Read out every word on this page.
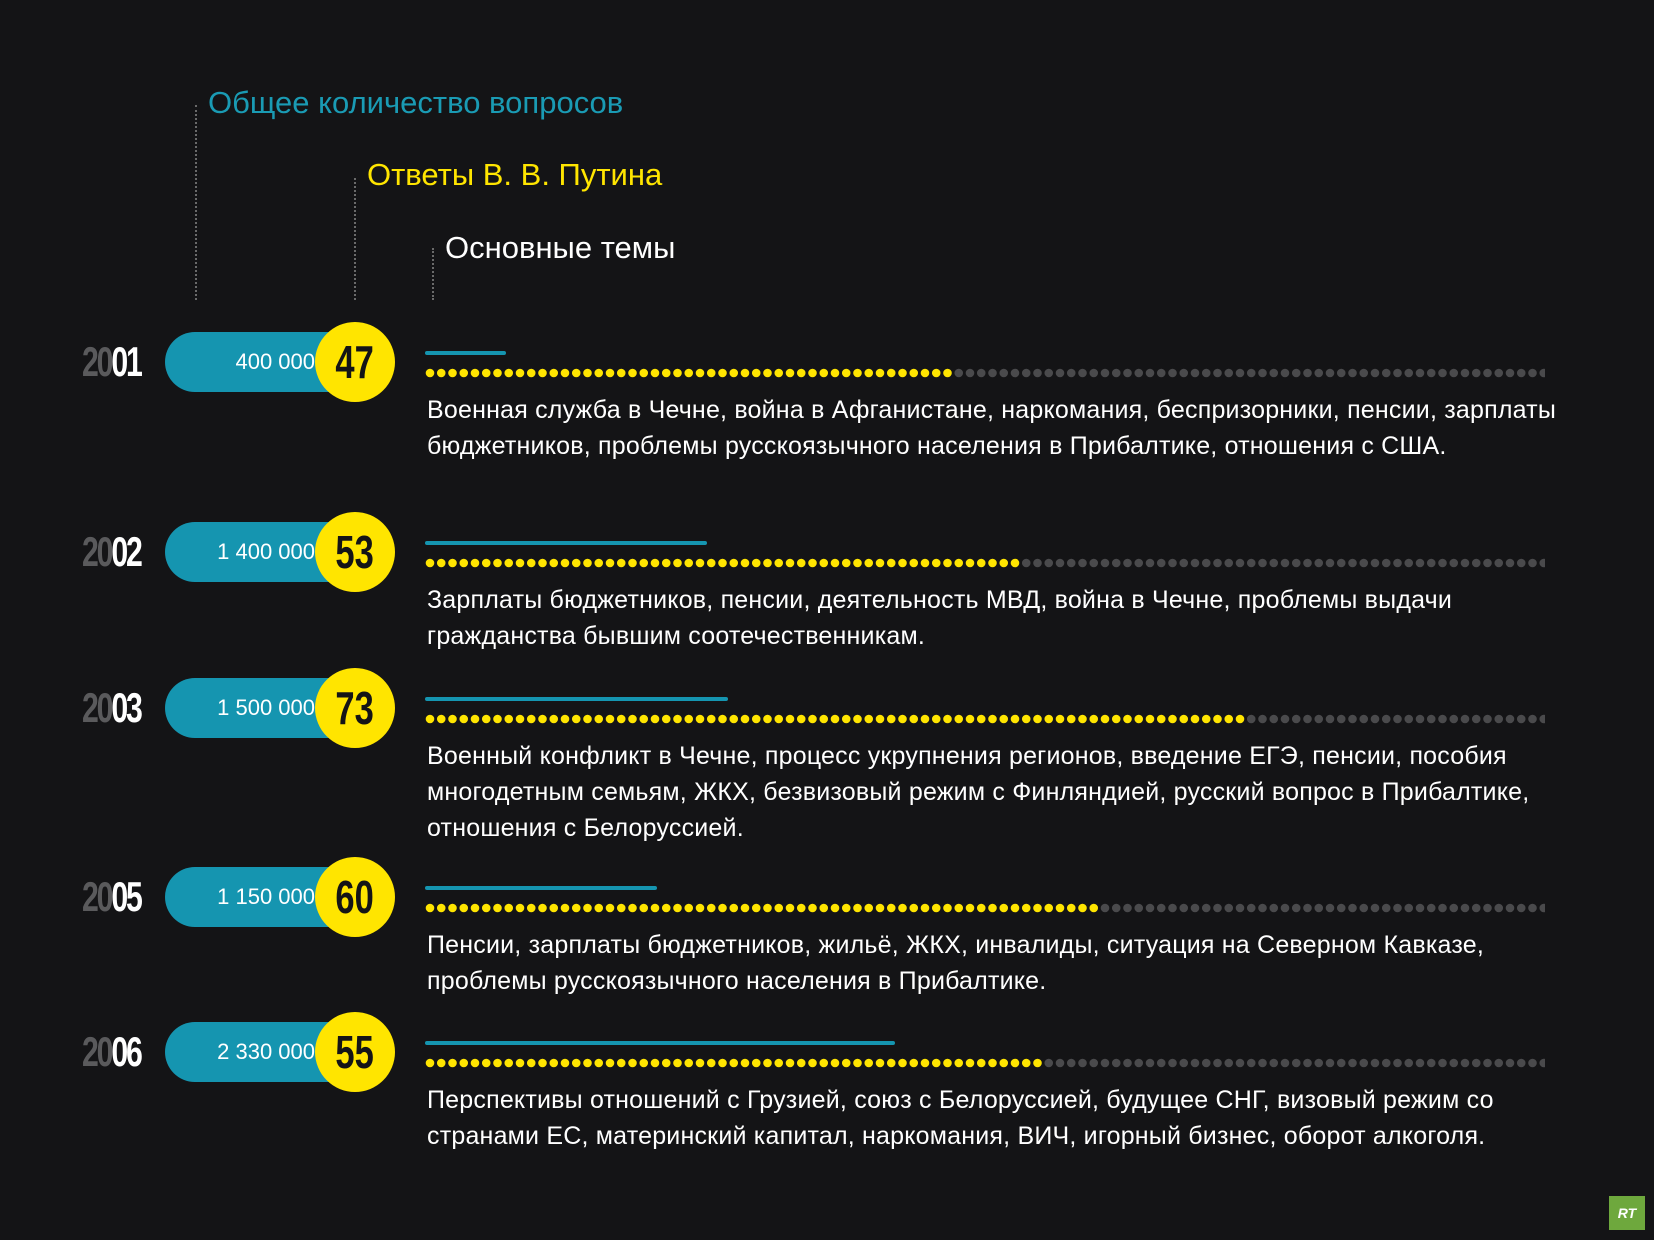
Общее количество вопросов
Ответы В. В. Путина
Основные темы
2001	400 000 47
Военная служба в Чечне, война в Афганистане, наркомания, беспризорники, пенсии, зарплаты бюджетников, проблемы русскоязычного населения в Прибалтике, отношения с США.
2002	1 400 000 53
Зарплаты бюджетников, пенсии, деятельность МВД, война в Чечне, проблемы выдачи гражданства бывшим соотечественникам.
2003	1 500 000 73
Военный конфликт в Чечне, процесс укрупнения регионов, введение ЕГЭ, пенсии, пособия многодетным семьям, ЖКХ, безвизовый режим с Финляндией, русский вопрос в Прибалтике, отношения с Белоруссией.
2005	1 150 000 60
Пенсии, зарплаты бюджетников, жильё, ЖКХ, инвалиды, ситуация на Северном Кавказе, проблемы русскоязычного населения в Прибалтике.
2006	2 330 000 55
Перспективы отношений с Грузией, союз с Белоруссией, будущее СНГ, визовый режим со странами ЕС, материнский капитал, наркомания, ВИЧ, игорный бизнес, оборот алкоголя.
RT
